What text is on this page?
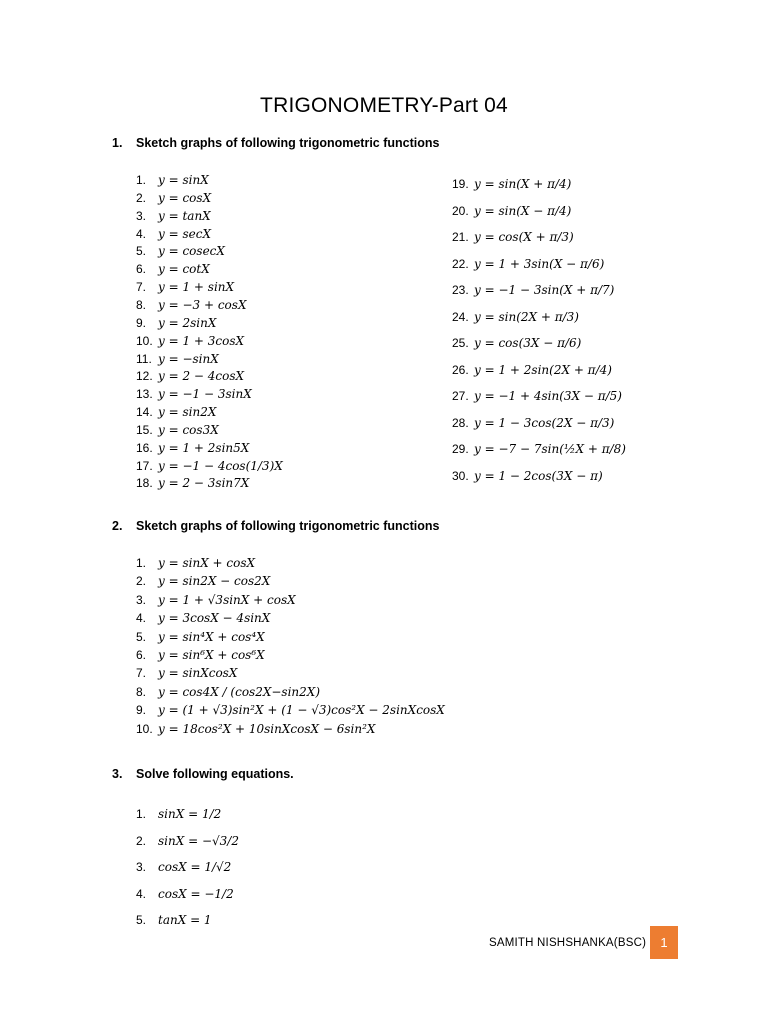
TRIGONOMETRY-Part 04
1. Sketch graphs of following trigonometric functions
1. y = sinX
2. y = cosX
3. y = tanX
4. y = secX
5. y = cosecX
6. y = cotX
7. y = 1 + sinX
8. y = −3 + cosX
9. y = 2sinX
10. y = 1 + 3cosX
11. y = −sinX
12. y = 2 − 4cosX
13. y = −1 − 3sinX
14. y = sin2X
15. y = cos3X
16. y = 1 + 2sin5X
17. y = −1 − 4cos(1/3)X
18. y = 2 − 3sin7X
19. y = sin(X + π/4)
20. y = sin(X − π/4)
21. y = cos(X + π/3)
22. y = 1 + 3sin(X − π/6)
23. y = −1 − 3sin(X + π/7)
24. y = sin(2X + π/3)
25. y = cos(3X − π/6)
26. y = 1 + 2sin(2X + π/4)
27. y = −1 + 4sin(3X − π/5)
28. y = 1 − 3cos(2X − π/3)
29. y = −7 − 7sin(½X + π/8)
30. y = 1 − 2cos(3X − π)
2. Sketch graphs of following trigonometric functions
1. y = sinX + cosX
2. y = sin2X − cos2X
3. y = 1 + √3sinX + cosX
4. y = 3cosX − 4sinX
5. y = sin⁴X + cos⁴X
6. y = sin⁶X + cos⁶X
7. y = sinXcosX
8. y = cos4X / (cos2X−sin2X)
9. y = (1 + √3)sin²X + (1 − √3)cos²X − 2sinXcosX
10. y = 18cos²X + 10sinXcosX − 6sin²X
3. Solve following equations.
1. sinX = 1/2
2. sinX = −√3/2
3. cosX = 1/√2
4. cosX = −1/2
5. tanX = 1
SAMITH NISHSHANKA(BSC)	1
